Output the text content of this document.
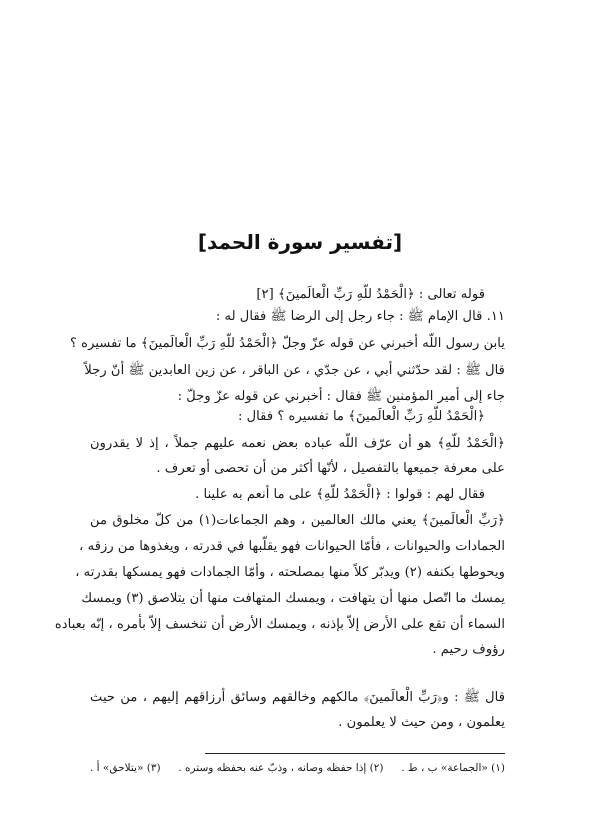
[تفسير سورة الحمد]
قوله تعالى : ﴿الْحَمْدُ للّهِ رَبِّ الْعالَمينَ﴾ [٢]
١١. قال الإمام ﷺ : جاء رجل إلى الرضا ﷺ فقال له :
يابن رسول اللّه أخبرني عن قوله عزّ وجلّ ﴿الْحَمْدُ للّهِ رَبِّ الْعالَمينَ﴾ ما تفسيره ؟
قال ﷺ : لقد حدّثني أبي ، عن جدّي ، عن الباقر ، عن زين العابدين ﷺ أنّ رجلاً
جاء إلى أمير المؤمنين ﷺ فقال : أخبرني عن قوله عزّ وجلّ :
﴿الْحَمْدُ للّهِ رَبِّ الْعالَمينَ﴾ ما تفسيره ؟ فقال :
﴿الْحَمْدُ للّهِ﴾ هو أن عرّف اللّه عباده بعض نعمه عليهم جملاً ، إذ لا يقدرون
على معرفة جميعها بالتفصيل ، لأنّها أكثر من أن تحصى أو تعرف .
فقال لهم : قولوا : ﴿الْحَمْدُ للّهِ﴾ على ما أنعم به علينا .
﴿رَبِّ الْعالَمينَ﴾ يعني مالك العالمين ، وهم الجماعات(١) من كلّ مخلوق من
الجمادات والحيوانات ، فأمّا الحيوانات فهو يقلّبها في قدرته ، ويغذوها من رزقه ،
ويحوطها بكنفه (٢) ويدبّر كلاً منها بمصلحته ، وأمّا الجمادات فهو يمسكها بقدرته ،
يمسك ما اتّصل منها أن يتهافت ، ويمسك المتهافت منها أن يتلاصق (٣) ويمسك
السماء أن تقع على الأرض إلاّ بإذنه ، ويمسك الأرض أن تنخسف إلاّ بأمره ، إنّه بعباده
رؤوف رحيم .
قال ﷺ : و﴿رَبِّ الْعالَمينَ﴾ مالكهم وخالقهم وسائق أرزاقهم إليهم ، من حيث
يعلمون ، ومن حيث لا يعلمون .
(١) «الجماعة» ب ، ط .
(٢) إذا حفظه وصانه ، وذبّ عنه بحفظه وستره .
(٣) «يتلاحق» أ .
